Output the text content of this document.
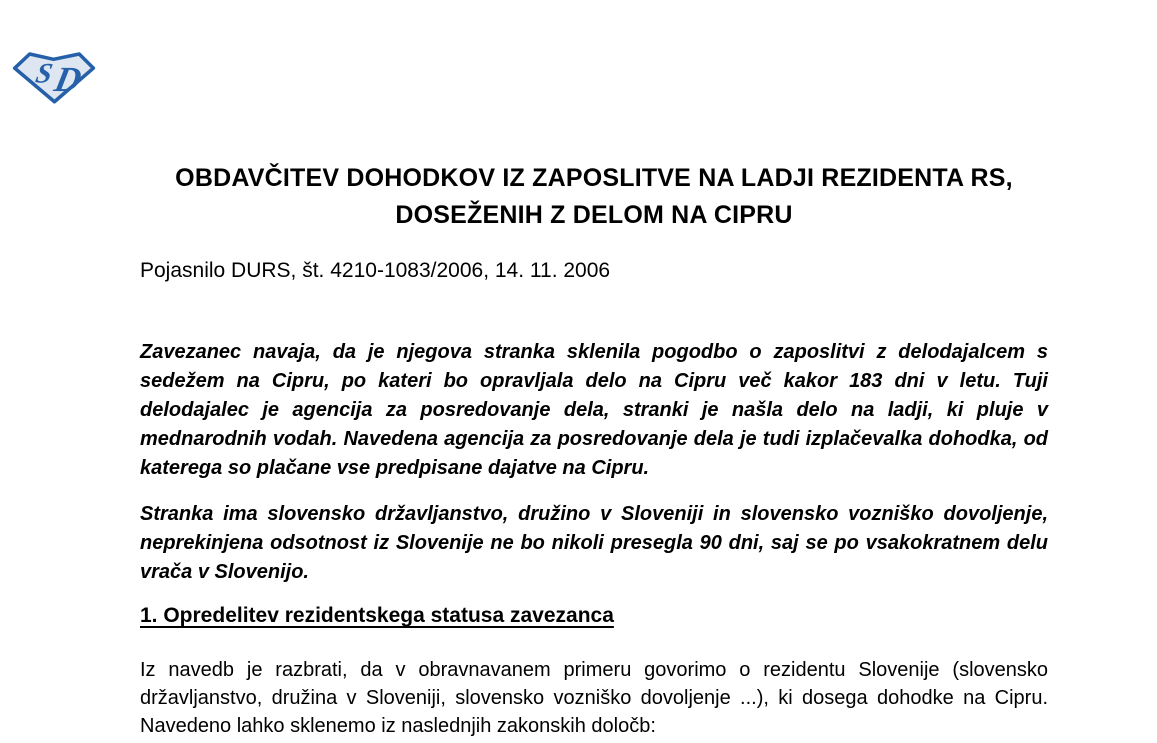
S
D
OBDAVČITEV DOHODKOV IZ ZAPOSLITVE NA LADJI REZIDENTA RS,
DOSEŽENIH Z DELOM NA CIPRU
Pojasnilo DURS, št. 4210-1083/2006, 14. 11. 2006

Zavezanec navaja, da je njegova stranka sklenila pogodbo o zaposlitvi z delodajalcem s sedežem na Cipru, po kateri bo opravljala delo na Cipru več kakor 183 dni v letu. Tuji delodajalec je agencija za posredovanje dela, stranki je našla delo na ladji, ki pluje v mednarodnih vodah. Navedena agencija za posredovanje dela je tudi izplačevalka dohodka, od katerega so plačane vse predpisane dajatve na Cipru.

Stranka ima slovensko državljanstvo, družino v Sloveniji in slovensko vozniško dovoljenje, neprekinjena odsotnost iz Slovenije ne bo nikoli presegla 90 dni, saj se po vsakokratnem delu vrača v Slovenijo.

1. Opredelitev rezidentskega statusa zavezanca

Iz navedb je razbrati, da v obravnavanem primeru govorimo o rezidentu Slovenije (slovensko državljanstvo, družina v Sloveniji, slovensko vozniško dovoljenje ...), ki dosega dohodke na Cipru. Navedeno lahko sklenemo iz naslednjih zakonskih določb:
